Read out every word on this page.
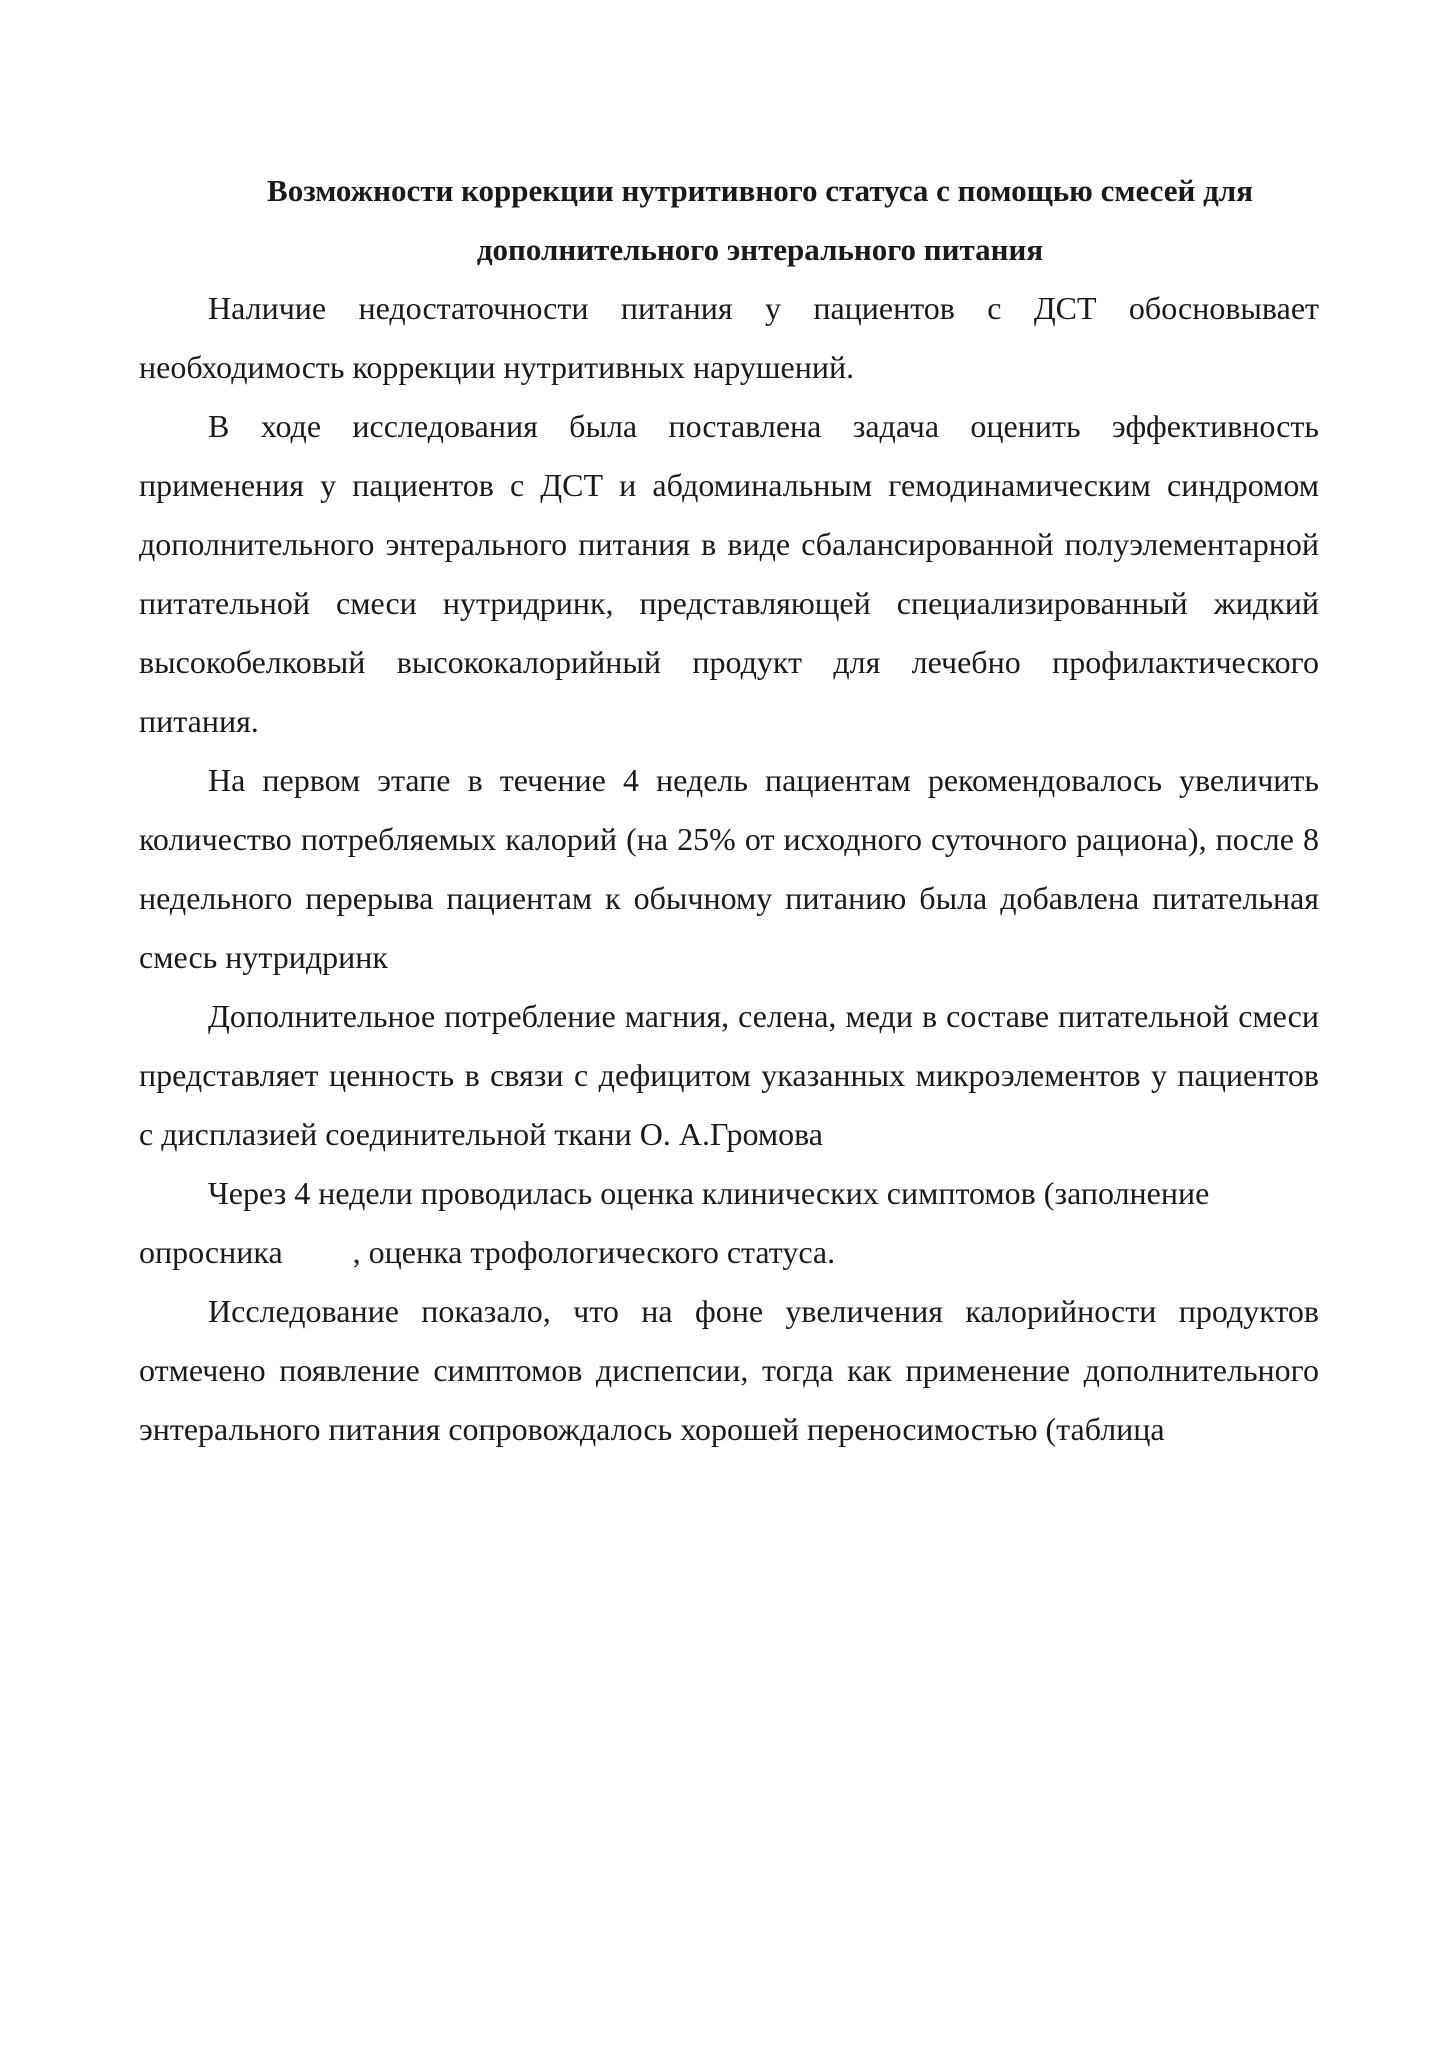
Возможности коррекции нутритивного статуса с помощью смесей для
дополнительного энтерального питания

Наличие недостаточности питания у пациентов с ДСТ обосновывает необходимость коррекции нутритивных нарушений.

В ходе исследования была поставлена задача оценить эффективность применения у пациентов с ДСТ и абдоминальным гемодинамическим синдромом дополнительного энтерального питания в виде сбалансированной полуэлементарной питательной смеси нутридринк, представляющей специализированный жидкий высокобелковый высококалорийный продукт для лечебно профилактического питания.

На первом этапе в течение 4 недель пациентам рекомендовалось увеличить количество потребляемых калорий (на 25% от исходного суточного рациона), после 8 недельного перерыва пациентам к обычному питанию была добавлена питательная смесь нутридринк

Дополнительное потребление магния, селена, меди в составе питательной смеси представляет ценность в связи с дефицитом указанных микроэлементов у пациентов с дисплазией соединительной ткани О. А.Громова

Через 4 недели проводилась оценка клинических симптомов (заполнение опросника , оценка трофологического статуса.

Исследование показало, что на фоне увеличения калорийности продуктов отмечено появление симптомов диспепсии, тогда как применение дополнительного энтерального питания сопровождалось хорошей переносимостью (таблица
